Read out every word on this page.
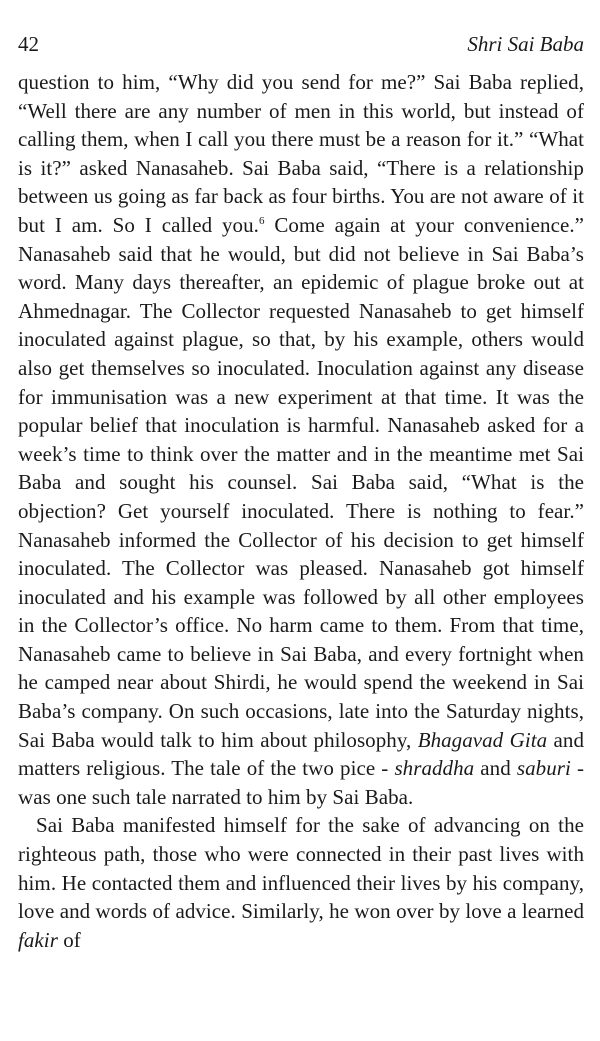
42	Shri Sai Baba

question to him, “Why did you send for me?” Sai Baba replied, “Well there are any number of men in this world, but instead of calling them, when I call you there must be a reason for it.” “What is it?” asked Nanasaheb. Sai Baba said, “There is a relationship between us going as far back as four births. You are not aware of it but I am. So I called you.$^6$ Come again at your convenience.” Nanasaheb said that he would, but did not believe in Sai Baba’s word. Many days thereafter, an epidemic of plague broke out at Ahmednagar. The Collector requested Nanasaheb to get himself inoculated against plague, so that, by his example, others would also get themselves so inoculated. Inoculation against any disease for immunisation was a new experiment at that time. It was the popular belief that inoculation is harmful. Nanasaheb asked for a week’s time to think over the matter and in the meantime met Sai Baba and sought his counsel. Sai Baba said, “What is the objection? Get yourself inoculated. There is nothing to fear.” Nanasaheb informed the Collector of his decision to get himself inoculated. The Collector was pleased. Nanasaheb got himself inoculated and his example was followed by all other employees in the Collector’s office. No harm came to them. From that time, Nanasaheb came to believe in Sai Baba, and every fortnight when he camped near about Shirdi, he would spend the weekend in Sai Baba’s company. On such occasions, late into the Saturday nights, Sai Baba would talk to him about philosophy, Bhagavad Gita and matters religious. The tale of the two pice - shraddha and saburi -was one such tale narrated to him by Sai Baba.

Sai Baba manifested himself for the sake of advancing on the righteous path, those who were connected in their past lives with him. He contacted them and influenced their lives by his company, love and words of advice. Similarly, he won over by love a learned fakir of
